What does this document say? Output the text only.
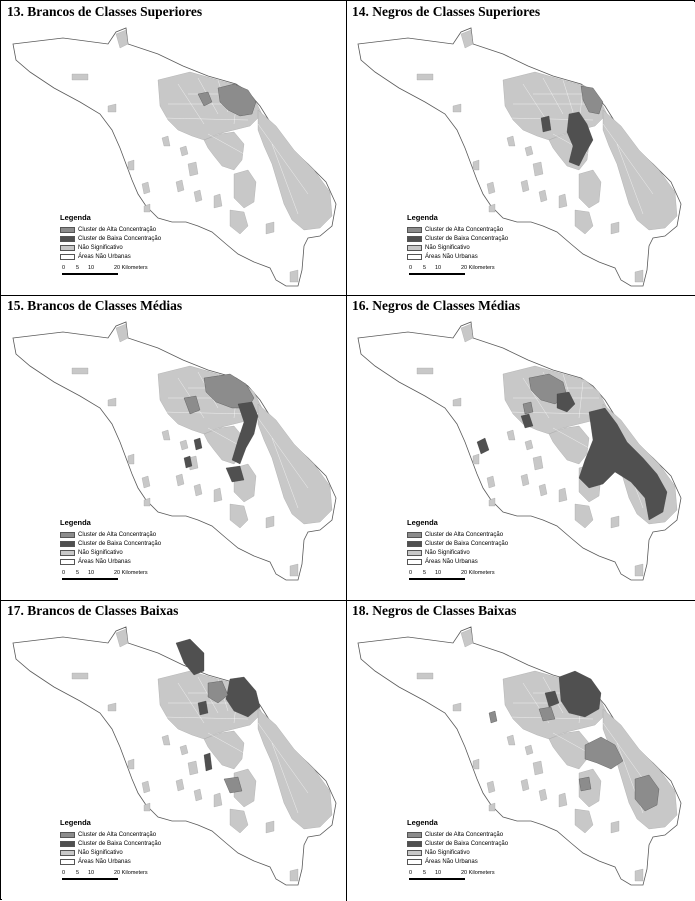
13. Brancos de Classes Superiores
Legenda
Cluster de Alta Concentração
Cluster de Baixa Concentração
Não Significativo
Áreas Não Urbanas
0 5 10	20 Kilometers
14. Negros de Classes Superiores
Legenda
Cluster de Alta Concentração
Cluster de Baixa Concentração
Não Significativo
Áreas Não Urbanas
0 5 10	20 Kilometers
15. Brancos de Classes Médias
Legenda
Cluster de Alta Concentração
Cluster de Baixa Concentração
Não Significativo
Áreas Não Urbanas
0 5 10	20 Kilometers
16. Negros de Classes Médias
Legenda
Cluster de Alta Concentração
Cluster de Baixa Concentração
Não Significativo
Áreas Não Urbanas
0 5 10	20 Kilometers
17. Brancos de Classes Baixas
Legenda
Cluster de Alta Concentração
Cluster de Baixa Concentração
Não Significativo
Áreas Não Urbanas
0 5 10	20 Kilometers
18. Negros de Classes Baixas
Legenda
Cluster de Alta Concentração
Cluster de Baixa Concentração
Não Significativo
Áreas Não Urbanas
0 5 10	20 Kilometers
